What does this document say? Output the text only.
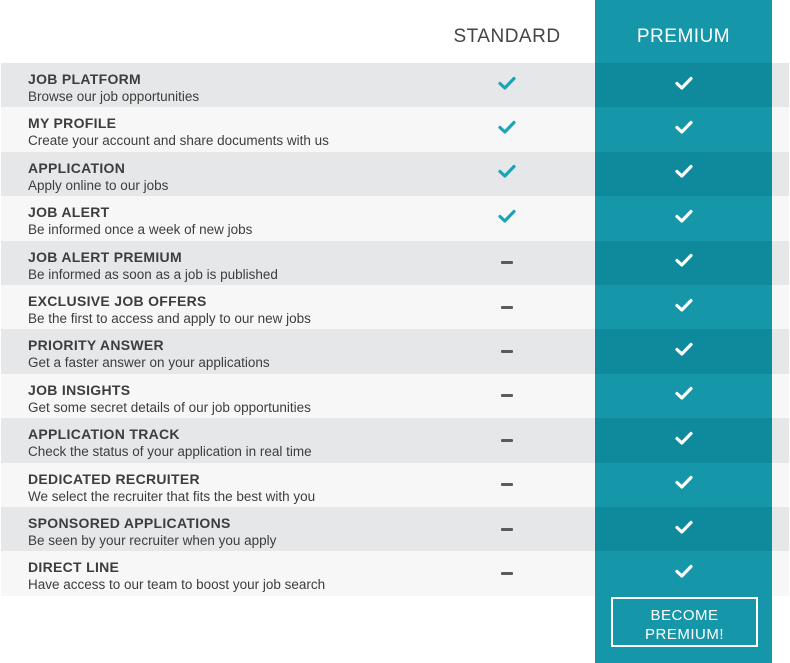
STANDARD	PREMIUM
JOB PLATFORM
Browse our job opportunities
MY PROFILE
Create your account and share documents with us
APPLICATION
Apply online to our jobs
JOB ALERT
Be informed once a week of new jobs
JOB ALERT PREMIUM
Be informed as soon as a job is published
EXCLUSIVE JOB OFFERS
Be the first to access and apply to our new jobs
PRIORITY ANSWER
Get a faster answer on your applications
JOB INSIGHTS
Get some secret details of our job opportunities
APPLICATION TRACK
Check the status of your application in real time
DEDICATED RECRUITER
We select the recruiter that fits the best with you
SPONSORED APPLICATIONS
Be seen by your recruiter when you apply
DIRECT LINE
Have access to our team to boost your job search
BECOME
PREMIUM!
